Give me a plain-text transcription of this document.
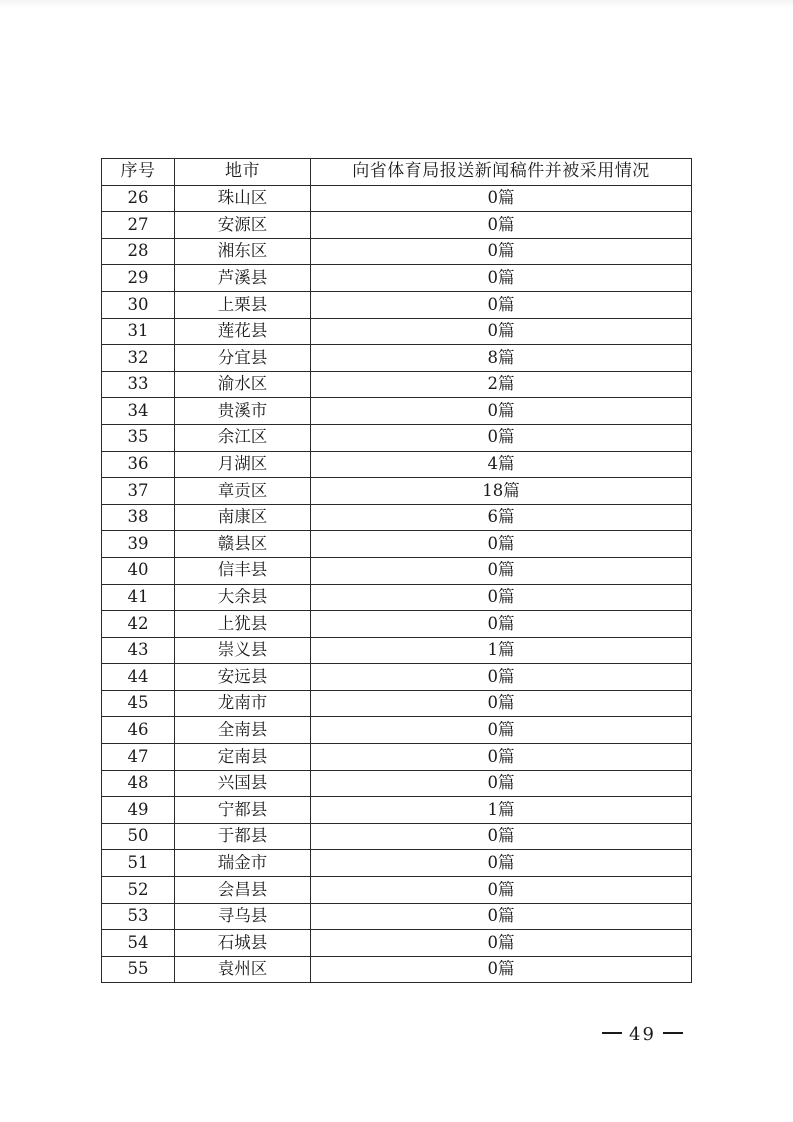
序号	地市	向省体育局报送新闻稿件并被采用情况
26	珠山区	0篇
27	安源区	0篇
28	湘东区	0篇
29	芦溪县	0篇
30	上栗县	0篇
31	莲花县	0篇
32	分宜县	8篇
33	渝水区	2篇
34	贵溪市	0篇
35	余江区	0篇
36	月湖区	4篇
37	章贡区	18篇
38	南康区	6篇
39	赣县区	0篇
40	信丰县	0篇
41	大余县	0篇
42	上犹县	0篇
43	崇义县	1篇
44	安远县	0篇
45	龙南市	0篇
46	全南县	0篇
47	定南县	0篇
48	兴国县	0篇
49	宁都县	1篇
50	于都县	0篇
51	瑞金市	0篇
52	会昌县	0篇
53	寻乌县	0篇
54	石城县	0篇
55	袁州区	0篇
49
